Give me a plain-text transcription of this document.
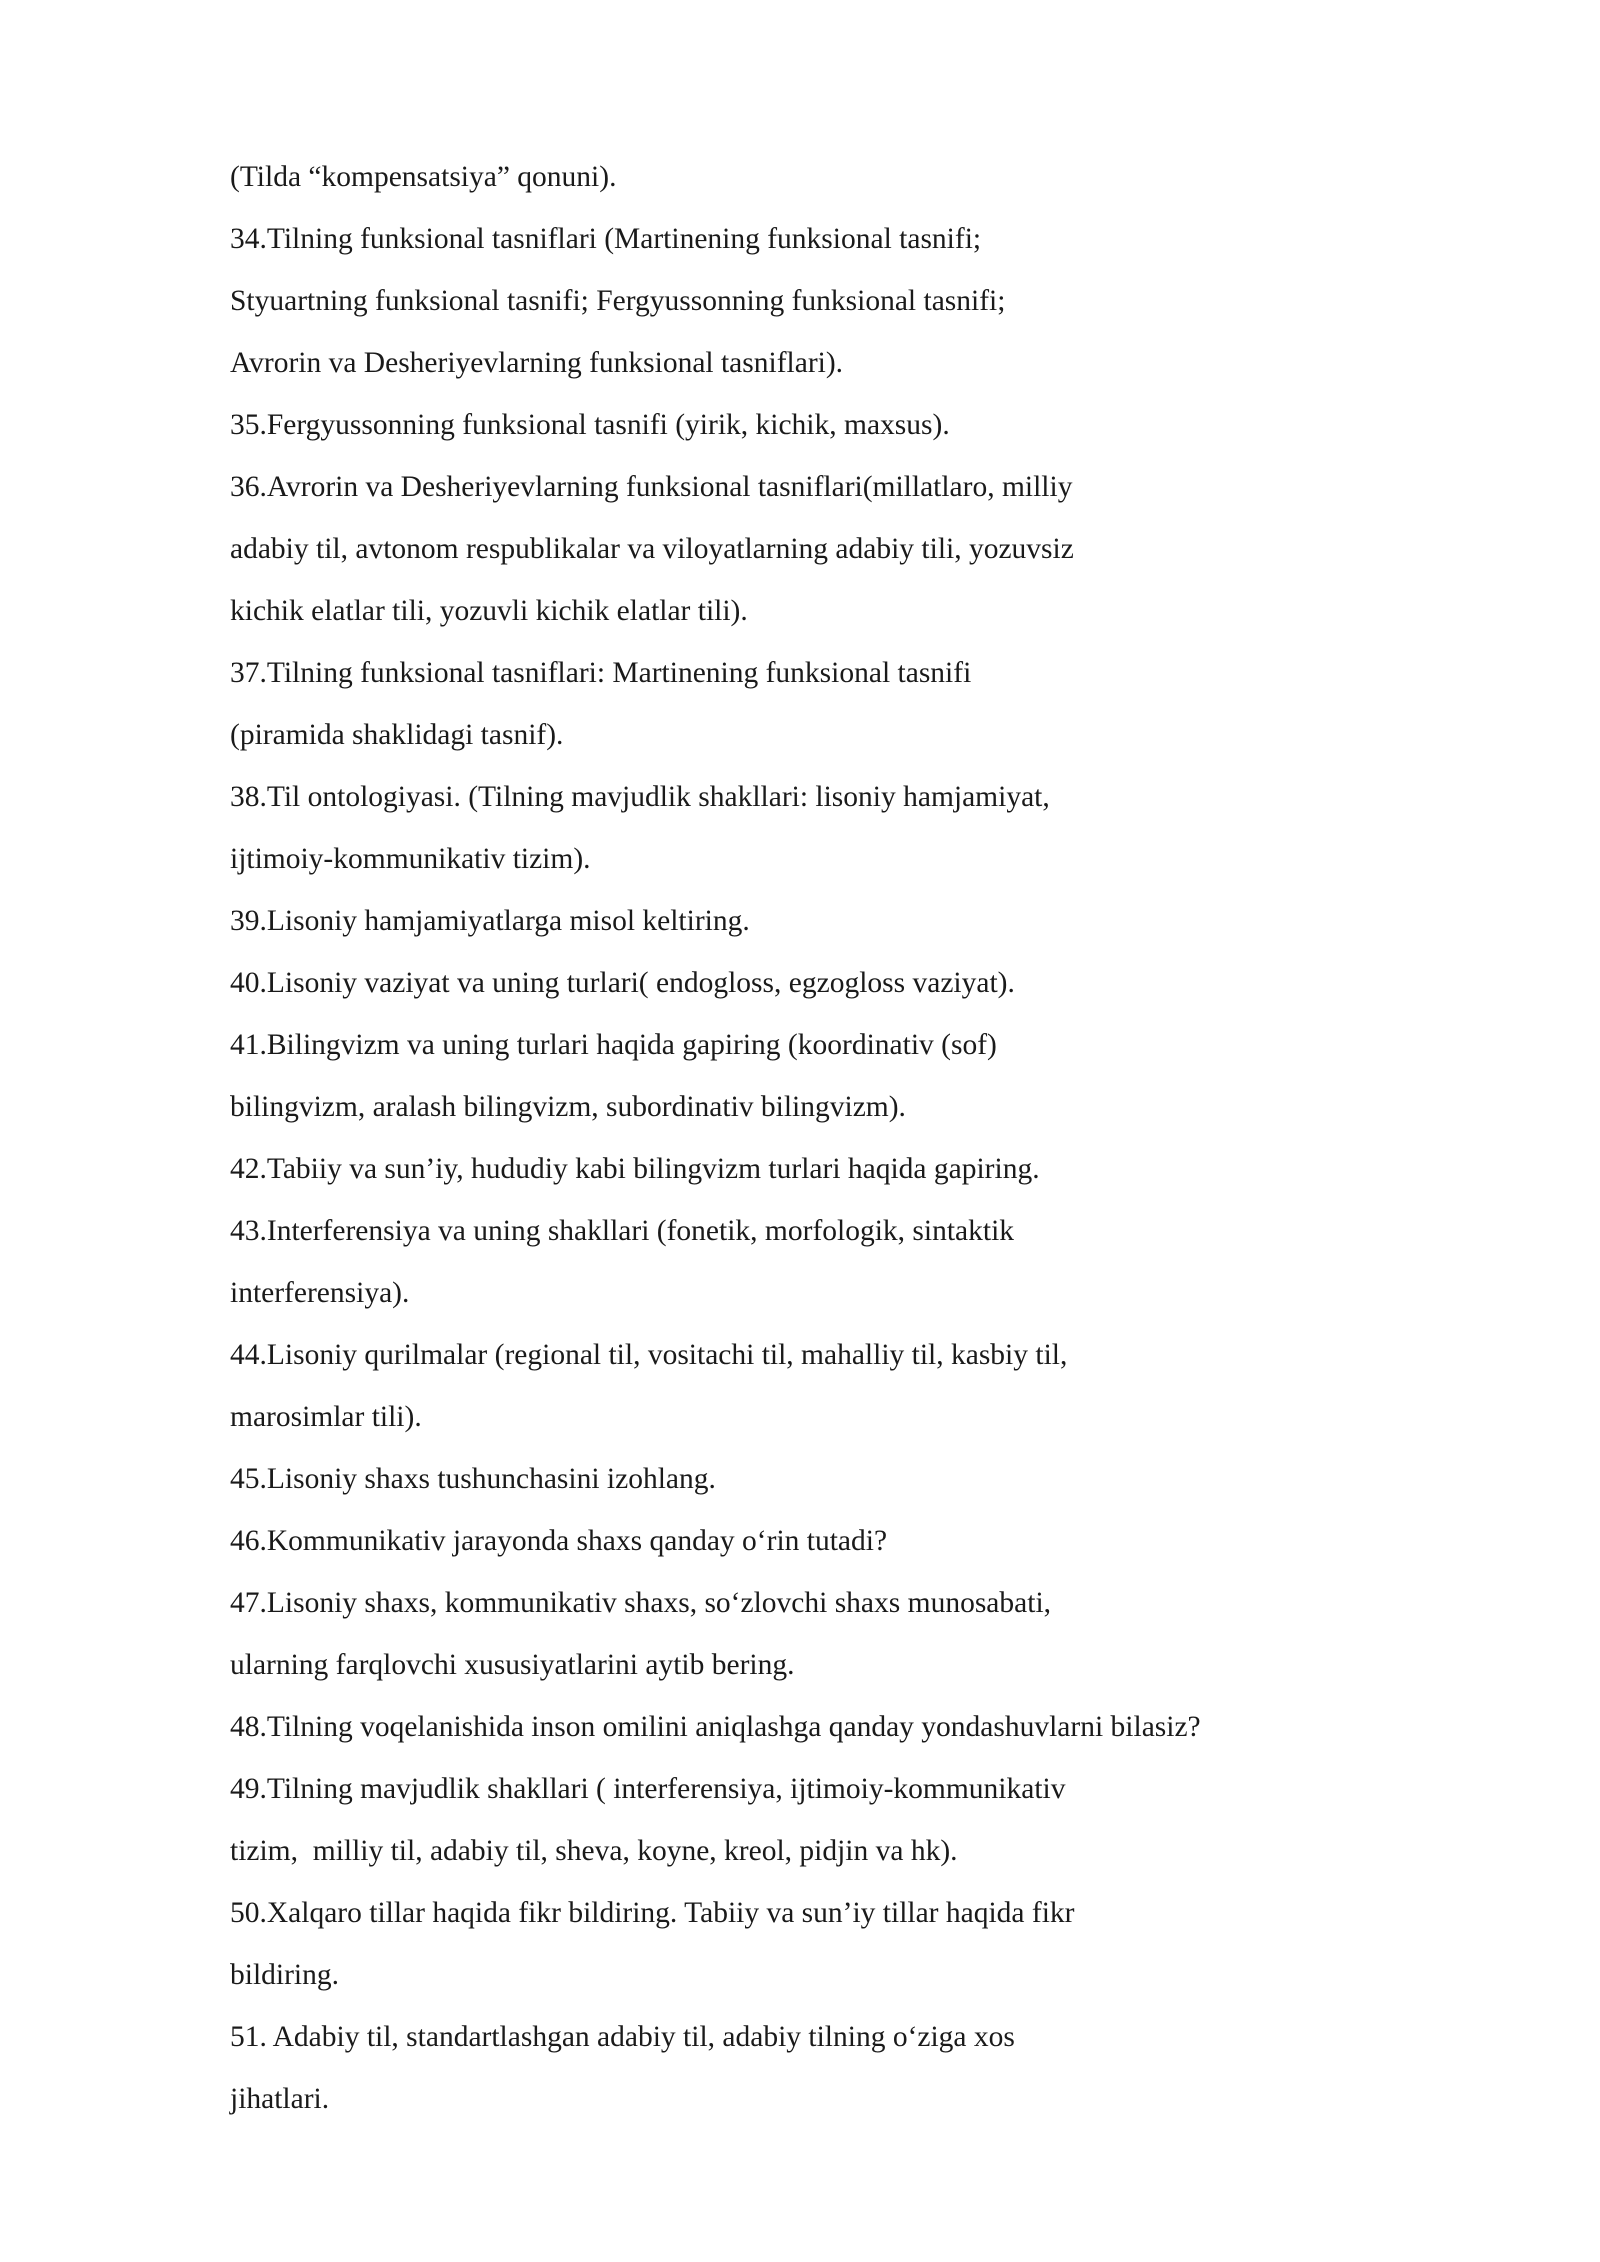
(Tilda “kompensatsiya” qonuni).

34.Tilning funksional tasniflari (Martinening funksional tasnifi;

Styuartning funksional tasnifi; Fergyussonning funksional tasnifi;

Avrorin va Desheriyevlarning funksional tasniflari).

35.Fergyussonning funksional tasnifi (yirik, kichik, maxsus).

36.Avrorin va Desheriyevlarning funksional tasniflari(millatlaro, milliy

adabiy til, avtonom respublikalar va viloyatlarning adabiy tili, yozuvsiz

kichik elatlar tili, yozuvli kichik elatlar tili).

37.Tilning funksional tasniflari: Martinening funksional tasnifi

(piramida shaklidagi tasnif).

38.Til ontologiyasi. (Tilning mavjudlik shakllari: lisoniy hamjamiyat,

ijtimoiy-kommunikativ tizim).

39.Lisoniy hamjamiyatlarga misol keltiring.

40.Lisoniy vaziyat va uning turlari( endogloss, egzogloss vaziyat).

41.Bilingvizm va uning turlari haqida gapiring (koordinativ (sof)

bilingvizm, aralash bilingvizm, subordinativ bilingvizm).

42.Tabiiy va sun’iy, hududiy kabi bilingvizm turlari haqida gapiring.

43.Interferensiya va uning shakllari (fonetik, morfologik, sintaktik

interferensiya).

44.Lisoniy qurilmalar (regional til, vositachi til, mahalliy til, kasbiy til,

marosimlar tili).

45.Lisoniy shaxs tushunchasini izohlang.

46.Kommunikativ jarayonda shaxs qanday o‘rin tutadi?

47.Lisoniy shaxs, kommunikativ shaxs, so‘zlovchi shaxs munosabati,

ularning farqlovchi xususiyatlarini aytib bering.

48.Tilning voqelanishida inson omilini aniqlashga qanday yondashuvlarni bilasiz?

49.Tilning mavjudlik shakllari ( interferensiya, ijtimoiy-kommunikativ

tizim,  milliy til, adabiy til, sheva, koyne, kreol, pidjin va hk).

50.Xalqaro tillar haqida fikr bildiring. Tabiiy va sun’iy tillar haqida fikr

bildiring.

51. Adabiy til, standartlashgan adabiy til, adabiy tilning o‘ziga xos

jihatlari.
